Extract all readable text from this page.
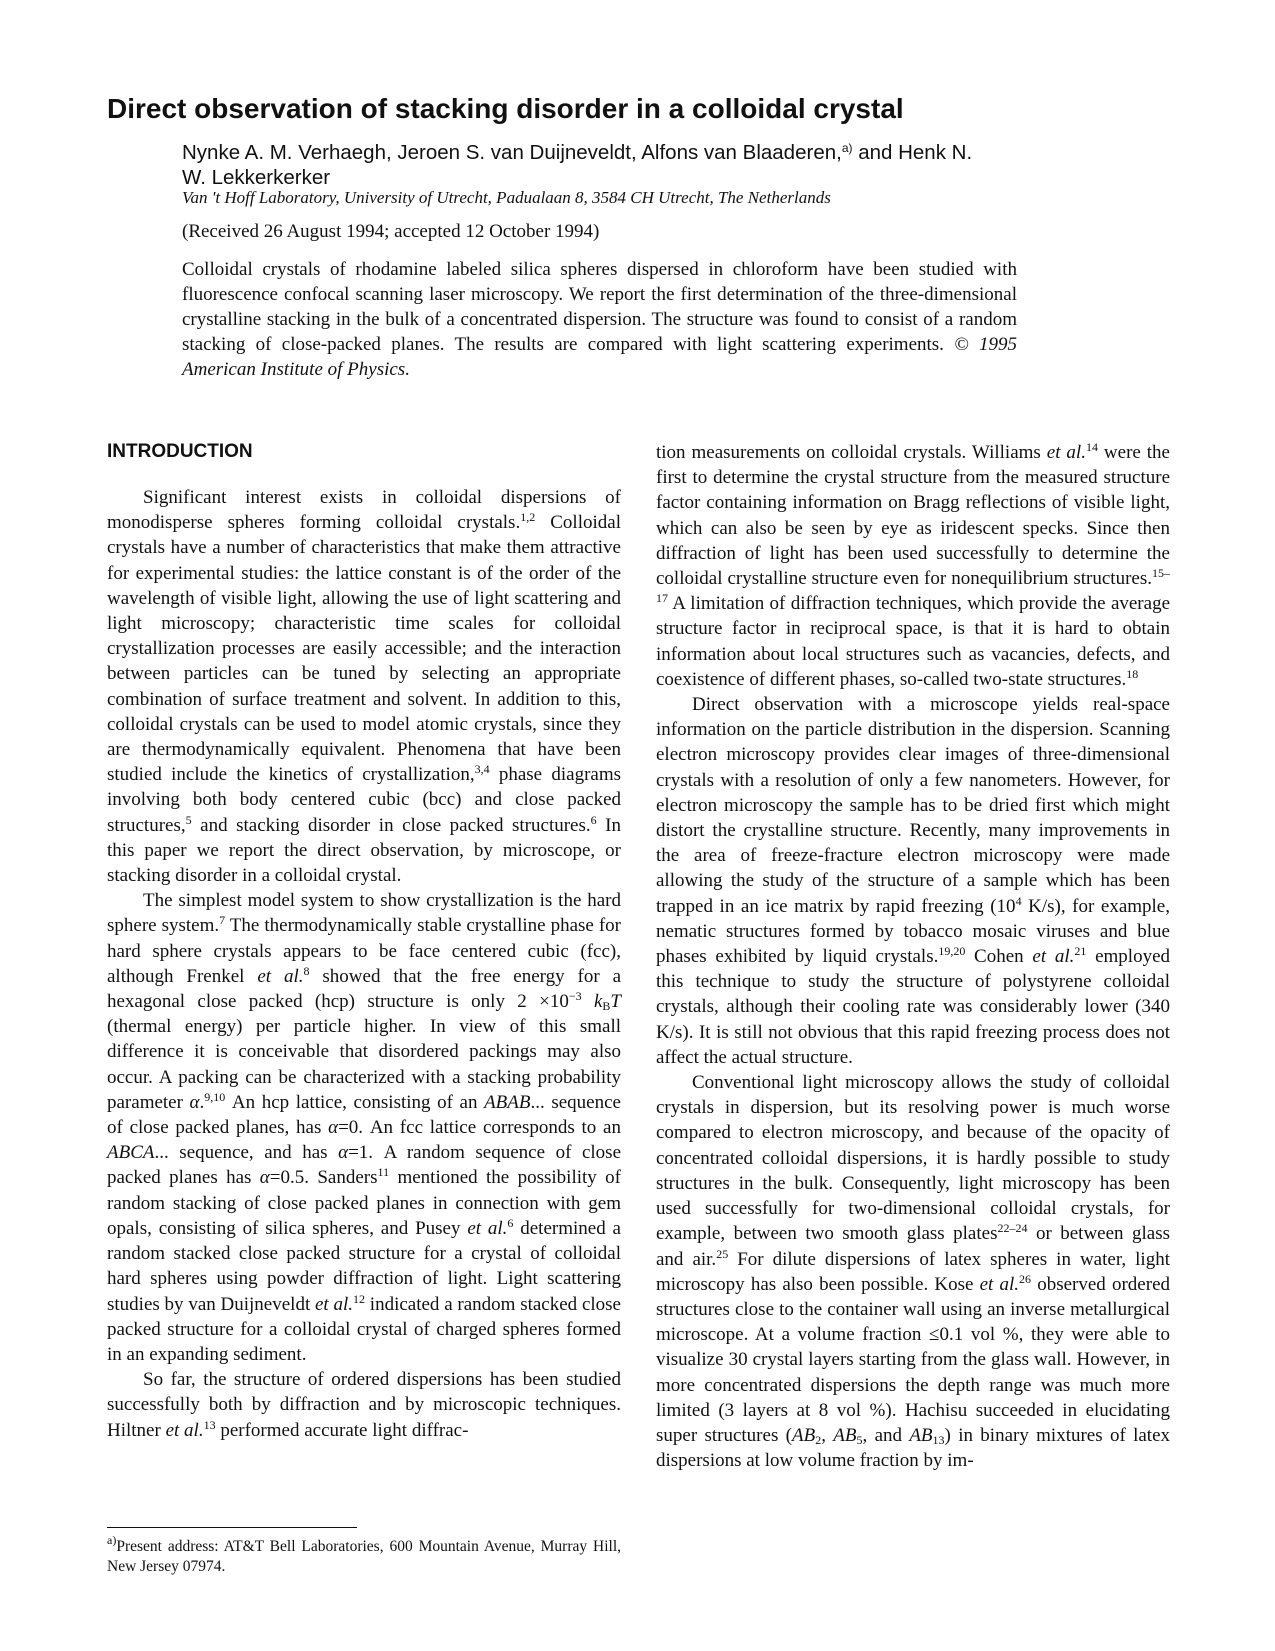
Direct observation of stacking disorder in a colloidal crystal
Nynke A. M. Verhaegh, Jeroen S. van Duijneveldt, Alfons van Blaaderen,$^{a)}$ and Henk N. W. Lekkerkerker
Van 't Hoff Laboratory, University of Utrecht, Padualaan 8, 3584 CH Utrecht, The Netherlands
(Received 26 August 1994; accepted 12 October 1994)

Colloidal crystals of rhodamine labeled silica spheres dispersed in chloroform have been studied with fluorescence confocal scanning laser microscopy. We report the first determination of the three-dimensional crystalline stacking in the bulk of a concentrated dispersion. The structure was found to consist of a random stacking of close-packed planes. The results are compared with light scattering experiments. © 1995 American Institute of Physics.

INTRODUCTION

Significant interest exists in colloidal dispersions of monodisperse spheres forming colloidal crystals.$^{1,2}$ Colloidal crystals have a number of characteristics that make them attractive for experimental studies: the lattice constant is of the order of the wavelength of visible light, allowing the use of light scattering and light microscopy; characteristic time scales for colloidal crystallization processes are easily accessible; and the interaction between particles can be tuned by selecting an appropriate combination of surface treatment and solvent. In addition to this, colloidal crystals can be used to model atomic crystals, since they are thermodynamically equivalent. Phenomena that have been studied include the kinetics of crystallization,$^{3,4}$ phase diagrams involving both body centered cubic (bcc) and close packed structures,$^5$ and stacking disorder in close packed structures.$^6$ In this paper we report the direct observation, by microscope, or stacking disorder in a colloidal crystal.

The simplest model system to show crystallization is the hard sphere system.$^7$ The thermodynamically stable crystalline phase for hard sphere crystals appears to be face centered cubic (fcc), although Frenkel et al.$^8$ showed that the free energy for a hexagonal close packed (hcp) structure is only $2 \times 10^{-3}$ $k_BT$ (thermal energy) per particle higher. In view of this small difference it is conceivable that disordered packings may also occur. A packing can be characterized with a stacking probability parameter α.$^{9,10}$ An hcp lattice, consisting of an ABAB... sequence of close packed planes, has α=0. An fcc lattice corresponds to an ABCA... sequence, and has α=1. A random sequence of close packed planes has α=0.5. Sanders$^{11}$ mentioned the possibility of random stacking of close packed planes in connection with gem opals, consisting of silica spheres, and Pusey et al.$^6$ determined a random stacked close packed structure for a crystal of colloidal hard spheres using powder diffraction of light. Light scattering studies by van Duijneveldt et al.$^{12}$ indicated a random stacked close packed structure for a colloidal crystal of charged spheres formed in an expanding sediment.

So far, the structure of ordered dispersions has been studied successfully both by diffraction and by microscopic techniques. Hiltner et al.$^{13}$ performed accurate light diffrac-

tion measurements on colloidal crystals. Williams et al.$^{14}$ were the first to determine the crystal structure from the measured structure factor containing information on Bragg reflections of visible light, which can also be seen by eye as iridescent specks. Since then diffraction of light has been used successfully to determine the colloidal crystalline structure even for nonequilibrium structures.$^{15-17}$ A limitation of diffraction techniques, which provide the average structure factor in reciprocal space, is that it is hard to obtain information about local structures such as vacancies, defects, and coexistence of different phases, so-called two-state structures.$^{18}$

Direct observation with a microscope yields real-space information on the particle distribution in the dispersion. Scanning electron microscopy provides clear images of three-dimensional crystals with a resolution of only a few nanometers. However, for electron microscopy the sample has to be dried first which might distort the crystalline structure. Recently, many improvements in the area of freeze-fracture electron microscopy were made allowing the study of the structure of a sample which has been trapped in an ice matrix by rapid freezing ($10^4$ K/s), for example, nematic structures formed by tobacco mosaic viruses and blue phases exhibited by liquid crystals.$^{19,20}$ Cohen et al.$^{21}$ employed this technique to study the structure of polystyrene colloidal crystals, although their cooling rate was considerably lower (340 K/s). It is still not obvious that this rapid freezing process does not affect the actual structure.

Conventional light microscopy allows the study of colloidal crystals in dispersion, but its resolving power is much worse compared to electron microscopy, and because of the opacity of concentrated colloidal dispersions, it is hardly possible to study structures in the bulk. Consequently, light microscopy has been used successfully for two-dimensional colloidal crystals, for example, between two smooth glass plates$^{22-24}$ or between glass and air.$^{25}$ For dilute dispersions of latex spheres in water, light microscopy has also been possible. Kose et al.$^{26}$ observed ordered structures close to the container wall using an inverse metallurgical microscope. At a volume fraction ≤0.1 vol %, they were able to visualize 30 crystal layers starting from the glass wall. However, in more concentrated dispersions the depth range was much more limited (3 layers at 8 vol %). Hachisu succeeded in elucidating super structures ($AB_2$, $AB_5$, and $AB_{13}$) in binary mixtures of latex dispersions at low volume fraction by im-

$^{a)}$Present address: AT&T Bell Laboratories, 600 Mountain Avenue, Murray Hill, New Jersey 07974.
